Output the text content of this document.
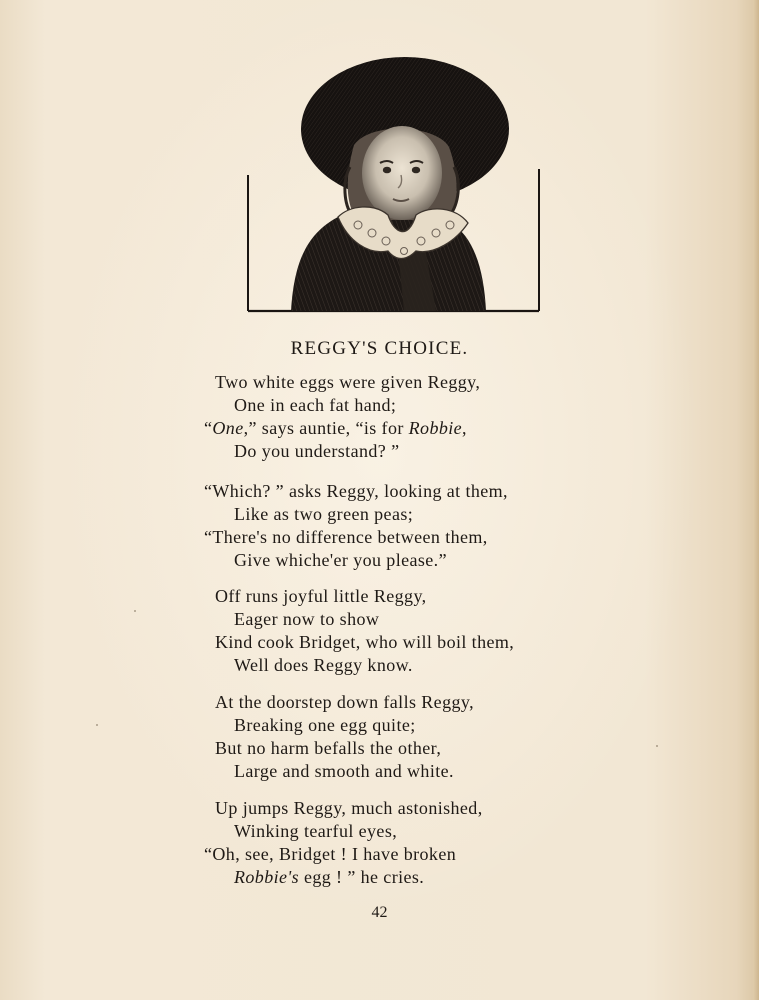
REGGY'S CHOICE.
Two white eggs were given Reggy,
One in each fat hand;
“One,” says auntie, “is for Robbie,
Do you understand? ”
“Which? ” asks Reggy, looking at them,
Like as two green peas;
“There's no difference between them,
Give whiche'er you please.”
Off runs joyful little Reggy,
Eager now to show
Kind cook Bridget, who will boil them,
Well does Reggy know.
At the doorstep down falls Reggy,
Breaking one egg quite;
But no harm befalls the other,
Large and smooth and white.
Up jumps Reggy, much astonished,
Winking tearful eyes,
“Oh, see, Bridget ! I have broken
Robbie's egg ! ” he cries.
42
